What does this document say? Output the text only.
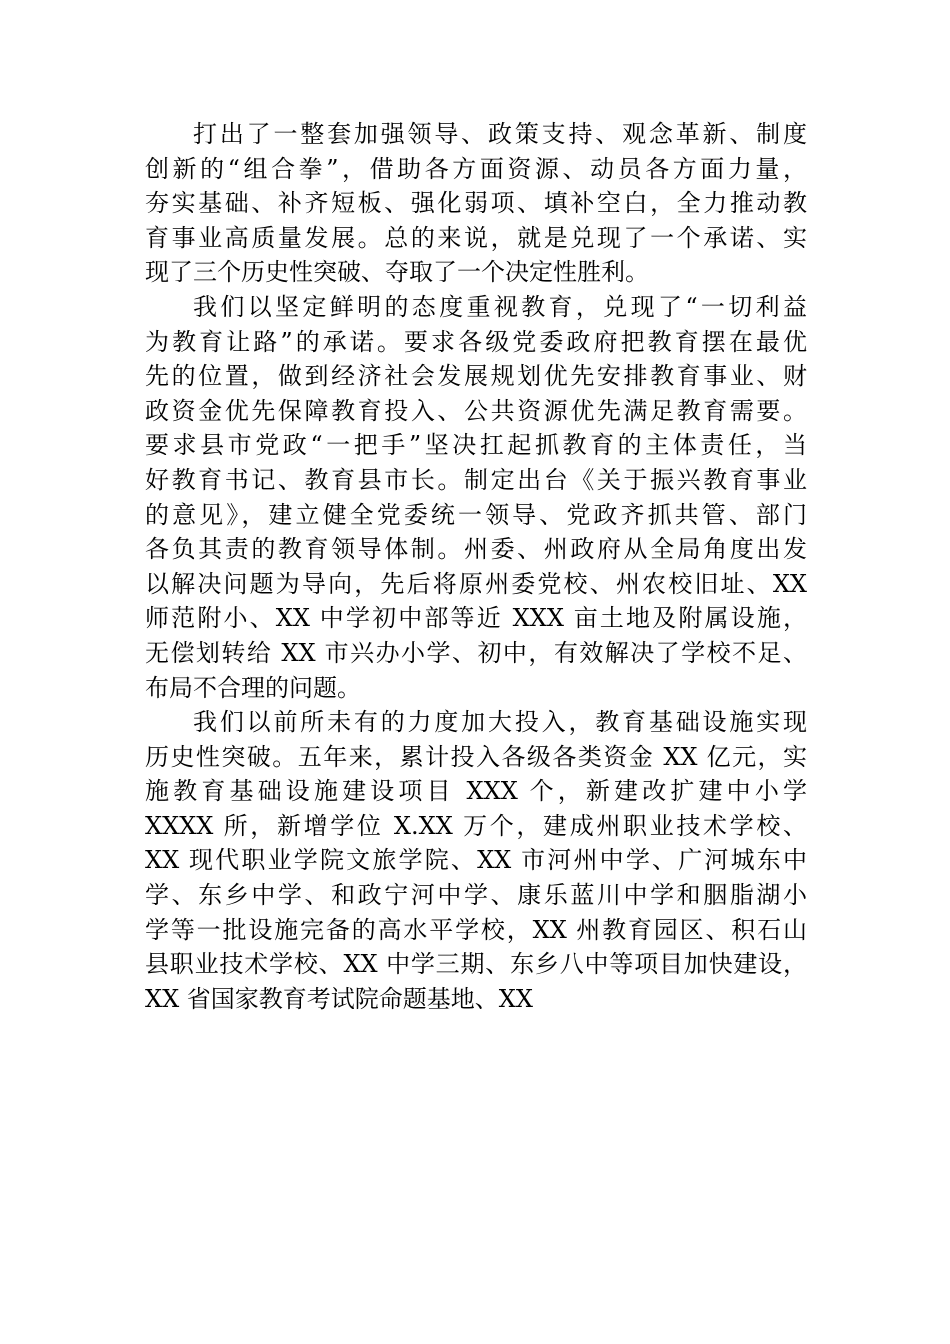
打出了一整套加强领导、政策支持、观念革新、制度
创新的“组合拳”，借助各方面资源、动员各方面力量，
夯实基础、补齐短板、强化弱项、填补空白，全力推动教
育事业高质量发展。总的来说，就是兑现了一个承诺、实
现了三个历史性突破、夺取了一个决定性胜利。
我们以坚定鲜明的态度重视教育，兑现了“一切利益
为教育让路”的承诺。要求各级党委政府把教育摆在最优
先的位置，做到经济社会发展规划优先安排教育事业、财
政资金优先保障教育投入、公共资源优先满足教育需要。
要求县市党政“一把手”坚决扛起抓教育的主体责任，当
好教育书记、教育县市长。制定出台《关于振兴教育事业
的意见》，建立健全党委统一领导、党政齐抓共管、部门
各负其责的教育领导体制。州委、州政府从全局角度出发
以解决问题为导向，先后将原州委党校、州农校旧址、XX
师范附小、XX 中学初中部等近 XXX 亩土地及附属设施，
无偿划转给 XX 市兴办小学、初中，有效解决了学校不足、
布局不合理的问题。
我们以前所未有的力度加大投入，教育基础设施实现
历史性突破。五年来，累计投入各级各类资金 XX 亿元，实
施教育基础设施建设项目 XXX 个，新建改扩建中小学
XXXX 所，新增学位 X.XX 万个，建成州职业技术学校、
XX 现代职业学院文旅学院、XX 市河州中学、广河城东中
学、东乡中学、和政宁河中学、康乐蓝川中学和胭脂湖小
学等一批设施完备的高水平学校，XX 州教育园区、积石山
县职业技术学校、XX 中学三期、东乡八中等项目加快建设，
XX 省国家教育考试院命题基地、XX
